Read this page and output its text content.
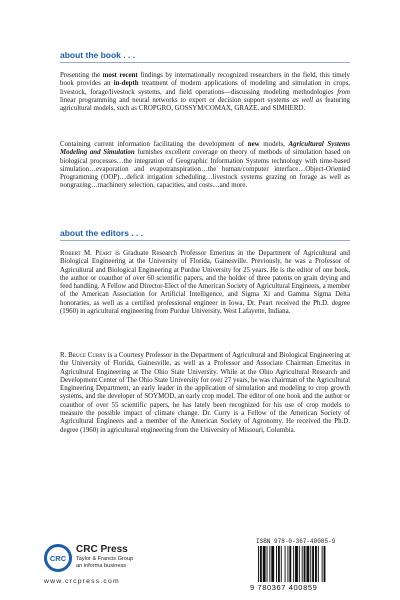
about the book . . .

Presenting the most recent findings by internationally recognized researchers in the field, this timely book provides an in-depth treatment of modern applications of modeling and simulation in crops, livestock, forage/livestock systems, and field operations—discussing modeling methodologies from linear programming and neural networks to expert or decision support systems as well as featuring agricultural models, such as CROPGRO, GOSSYM/COMAX, GRAZE, and SIMHERD.

Containing current information facilitating the development of new models, Agricultural Systems Modeling and Simulation furnishes excellent coverage on theory of methods of simulation based on biological processes…the integration of Geographic Information Systems technology with time-based simulation…evaporation and evapotranspiration…the human/computer interface…Object-Oriented Programming (OOP)…deficit irrigation scheduling…livestock systems grazing on forage as well as nongrazing…machinery selection, capacities, and costs…and more.

about the editors . . .

Robert M. Peart is Graduate Research Professor Emeritus in the Department of Agricultural and Biological Engineering at the University of Florida, Gainesville. Previously, he was a Professor of Agricultural and Biological Engineering at Purdue University for 25 years. He is the editor of one book, the author or coauthor of over 60 scientific papers, and the holder of three patents on grain drying and feed handling. A Fellow and Director-Elect of the American Society of Agricultural Engineers, a member of the American Association for Artificial Intelligence, and Sigma Xi and Gamma Sigma Delta honoraries, as well as a certified professional engineer in Iowa, Dr. Peart received the Ph.D. degree (1960) in agricultural engineering from Purdue University, West Lafayette, Indiana.

R. Bruce Curry is a Courtesy Professor in the Department of Agricultural and Biological Engineering at the University of Florida, Gainesville, as well as a Professor and Associate Chairman Emeritus in Agricultural Engineering at The Ohio State University. While at the Ohio Agricultural Research and Development Center of The Ohio State University for over 27 years, he was chairman of the Agricultural Engineering Department, an early leader in the application of simulation and modeling to crop growth systems, and the developer of SOYMOD, an early crop model. The editor of one book and the author or coauthor of over 55 scientific papers, he has lately been recognized for his use of crop models to measure the possible impact of climate change. Dr. Curry is a Fellow of the American Society of Agricultural Engineers and a member of the American Society of Agronomy. He received the Ph.D. degree (1960) in agricultural engineering from the University of Missouri, Columbia.

CRC
CRC Press
Taylor & Francis Group
an informa business
www.crcpress.com
ISBN 978-0-367-40085-9
9 780367 400859
